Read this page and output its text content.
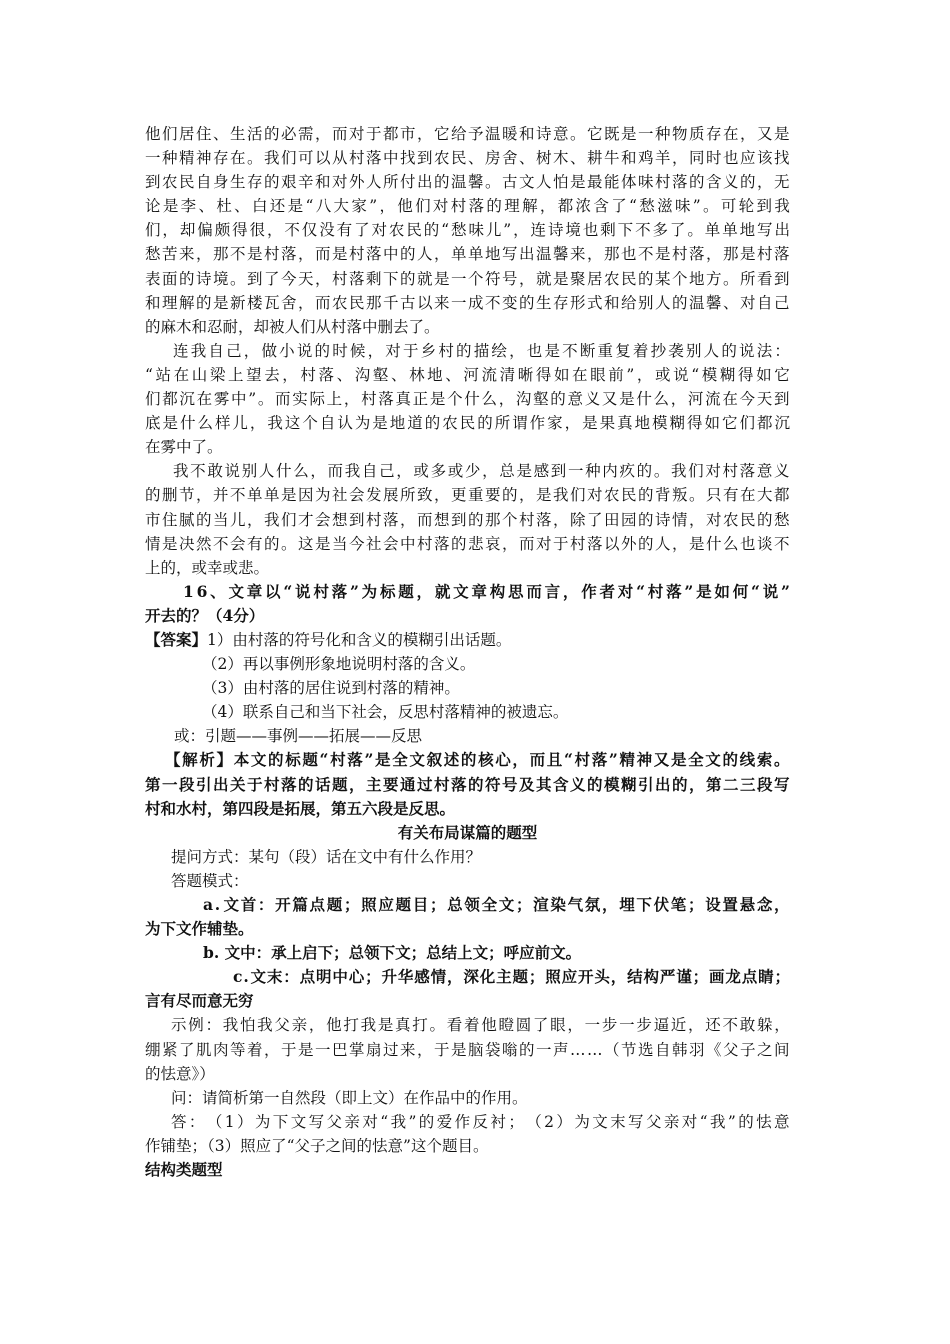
他 们 居 住 、 生 活 的 必 需 ， 而 对 于 都 市 ， 它 给 予 温 暖 和 诗 意 。 它 既 是 一 种 物 质 存 在 ， 又 是
一 种 精 神 存 在 。 我 们 可 以 从 村 落 中 找 到 农 民 、 房 舍 、 树 木 、 耕 牛 和 鸡 羊 ， 同 时 也 应 该 找
到 农 民 自 身 生 存 的 艰 辛 和 对 外 人 所 付 出 的 温 馨 。 古 文 人 怕 是 最 能 体 味 村 落 的 含 义 的 ， 无
论 是 李 、 杜 、 白 还 是 “ 八 大 家 ” ， 他 们 对 村 落 的 理 解 ， 都 浓 含 了 “ 愁 滋 味 ” 。 可 轮 到 我
们 ， 却 偏 颇 得 很 ， 不 仅 没 有 了 对 农 民 的 “ 愁 味 儿 ” ， 连 诗 境 也 剩 下 不 多 了 。 单 单 地 写 出
愁 苦 来 ， 那 不 是 村 落 ， 而 是 村 落 中 的 人 ， 单 单 地 写 出 温 馨 来 ， 那 也 不 是 村 落 ， 那 是 村 落
表 面 的 诗 境 。 到 了 今 天 ， 村 落 剩 下 的 就 是 一 个 符 号 ， 就 是 聚 居 农 民 的 某 个 地 方 。 所 看 到
和 理 解 的 是 新 楼 瓦 舍 ， 而 农 民 那 千 古 以 来 一 成 不 变 的 生 存 形 式 和 给 别 人 的 温 馨 、 对 自 己
的麻木和忍耐，却被人们从村落中删去了。
连 我 自 己 ， 做 小 说 的 时 候 ， 对 于 乡 村 的 描 绘 ， 也 是 不 断 重 复 着 抄 袭 别 人 的 说 法 ：
“ 站 在 山 梁 上 望 去 ， 村 落 、 沟 壑 、 林 地 、 河 流 清 晰 得 如 在 眼 前 ” ， 或 说 “ 模 糊 得 如 它
们 都 沉 在 雾 中 ” 。 而 实 际 上 ， 村 落 真 正 是 个 什 么 ， 沟 壑 的 意 义 又 是 什 么 ， 河 流 在 今 天 到
底 是 什 么 样 儿 ， 我 这 个 自 认 为 是 地 道 的 农 民 的 所 谓 作 家 ， 是 果 真 地 模 糊 得 如 它 们 都 沉
在雾中了。
我 不 敢 说 别 人 什 么 ， 而 我 自 己 ， 或 多 或 少 ， 总 是 感 到 一 种 内 疚 的 。 我 们 对 村 落 意 义
的 删 节 ， 并 不 单 单 是 因 为 社 会 发 展 所 致 ， 更 重 要 的 ， 是 我 们 对 农 民 的 背 叛 。 只 有 在 大 都
市 住 腻 的 当 儿 ， 我 们 才 会 想 到 村 落 ， 而 想 到 的 那 个 村 落 ， 除 了 田 园 的 诗 情 ， 对 农 民 的 愁
情 是 决 然 不 会 有 的 。 这 是 当 今 社 会 中 村 落 的 悲 哀 ， 而 对 于 村 落 以 外 的 人 ， 是 什 么 也 谈 不
上的，或幸或悲。
1 6 、 文 章 以 “ 说 村 落 ” 为 标 题 ， 就 文 章 构 思 而 言 ， 作 者 对 “ 村 落 ” 是 如 何 “ 说 ”
开去的？（4分）
【答案】1）由村落的符号化和含义的模糊引出话题。
（2）再以事例形象地说明村落的含义。
（3）由村落的居住说到村落的精神。
（4）联系自己和当下社会，反思村落精神的被遗忘。
或：引题——事例——拓展——反思
【 解 析 】 本 文 的 标 题 “ 村 落 ” 是 全 文 叙 述 的 核 心 ， 而 且 “ 村 落 ” 精 神 又 是 全 文 的 线 索 。
第 一 段 引 出 关 于 村 落 的 话 题 ， 主 要 通 过 村 落 的 符 号 及 其 含 义 的 模 糊 引 出 的 ， 第 二 三 段 写
村和水村，第四段是拓展，第五六段是反思。
有关布局谋篇的题型
提问方式：某句（段）话在文中有什么作用？
答题模式：
a . 文 首 ： 开 篇 点 题 ； 照 应 题 目 ； 总 领 全 文 ； 渲 染 气 氛 ， 埋 下 伏 笔 ； 设 置 悬 念 ，
为下文作辅垫。
b. 文中：承上启下；总领下文；总结上文；呼应前文。
c . 文 末 ： 点 明 中 心 ； 升 华 感 情 ， 深 化 主 题 ； 照 应 开 头 ， 结 构 严 谨 ； 画 龙 点 睛 ；
言有尽而意无穷
示 例 ： 我 怕 我 父 亲 ， 他 打 我 是 真 打 。 看 着 他 瞪 圆 了 眼 ， 一 步 一 步 逼 近 ， 还 不 敢 躲 ，
绷 紧 了 肌 肉 等 着 ， 于 是 一 巴 掌 扇 过 来 ， 于 是 脑 袋 嗡 的 一 声 … … （ 节 选 自 韩 羽 《 父 子 之 间
的怯意》）
问：请简析第一自然段（即上文）在作品中的作用。
答 ： （ 1 ） 为 下 文 写 父 亲 对 “ 我 ” 的 爱 作 反 衬 ； （ 2 ） 为 文 末 写 父 亲 对 “ 我 ” 的 怯 意
作铺垫；（3）照应了“父子之间的怯意”这个题目。
结构类题型
